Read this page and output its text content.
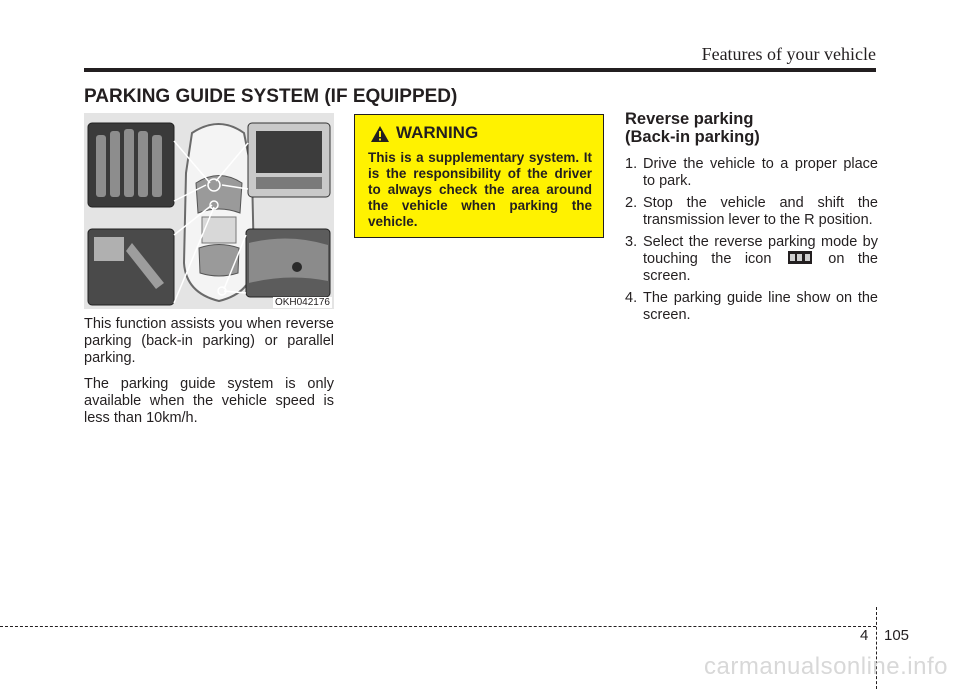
Features of your vehicle
PARKING GUIDE SYSTEM (IF EQUIPPED)
OKH042176

This function assists you when reverse parking (back-in parking) or parallel parking.

The parking guide system is only available when the vehicle speed is less than 10km/h.

WARNING
This is a supplementary system. It is the responsibility of the driver to always check the area around the vehicle when parking the vehicle.
Reverse parking
(Back-in parking)
1. Drive the vehicle to a proper place to park.
2. Stop the vehicle and shift the transmission lever to the R position.
3. Select the reverse parking mode by touching the icon
on the screen.
4. The parking guide line show on the screen.
4 105
carmanualsonline.info
